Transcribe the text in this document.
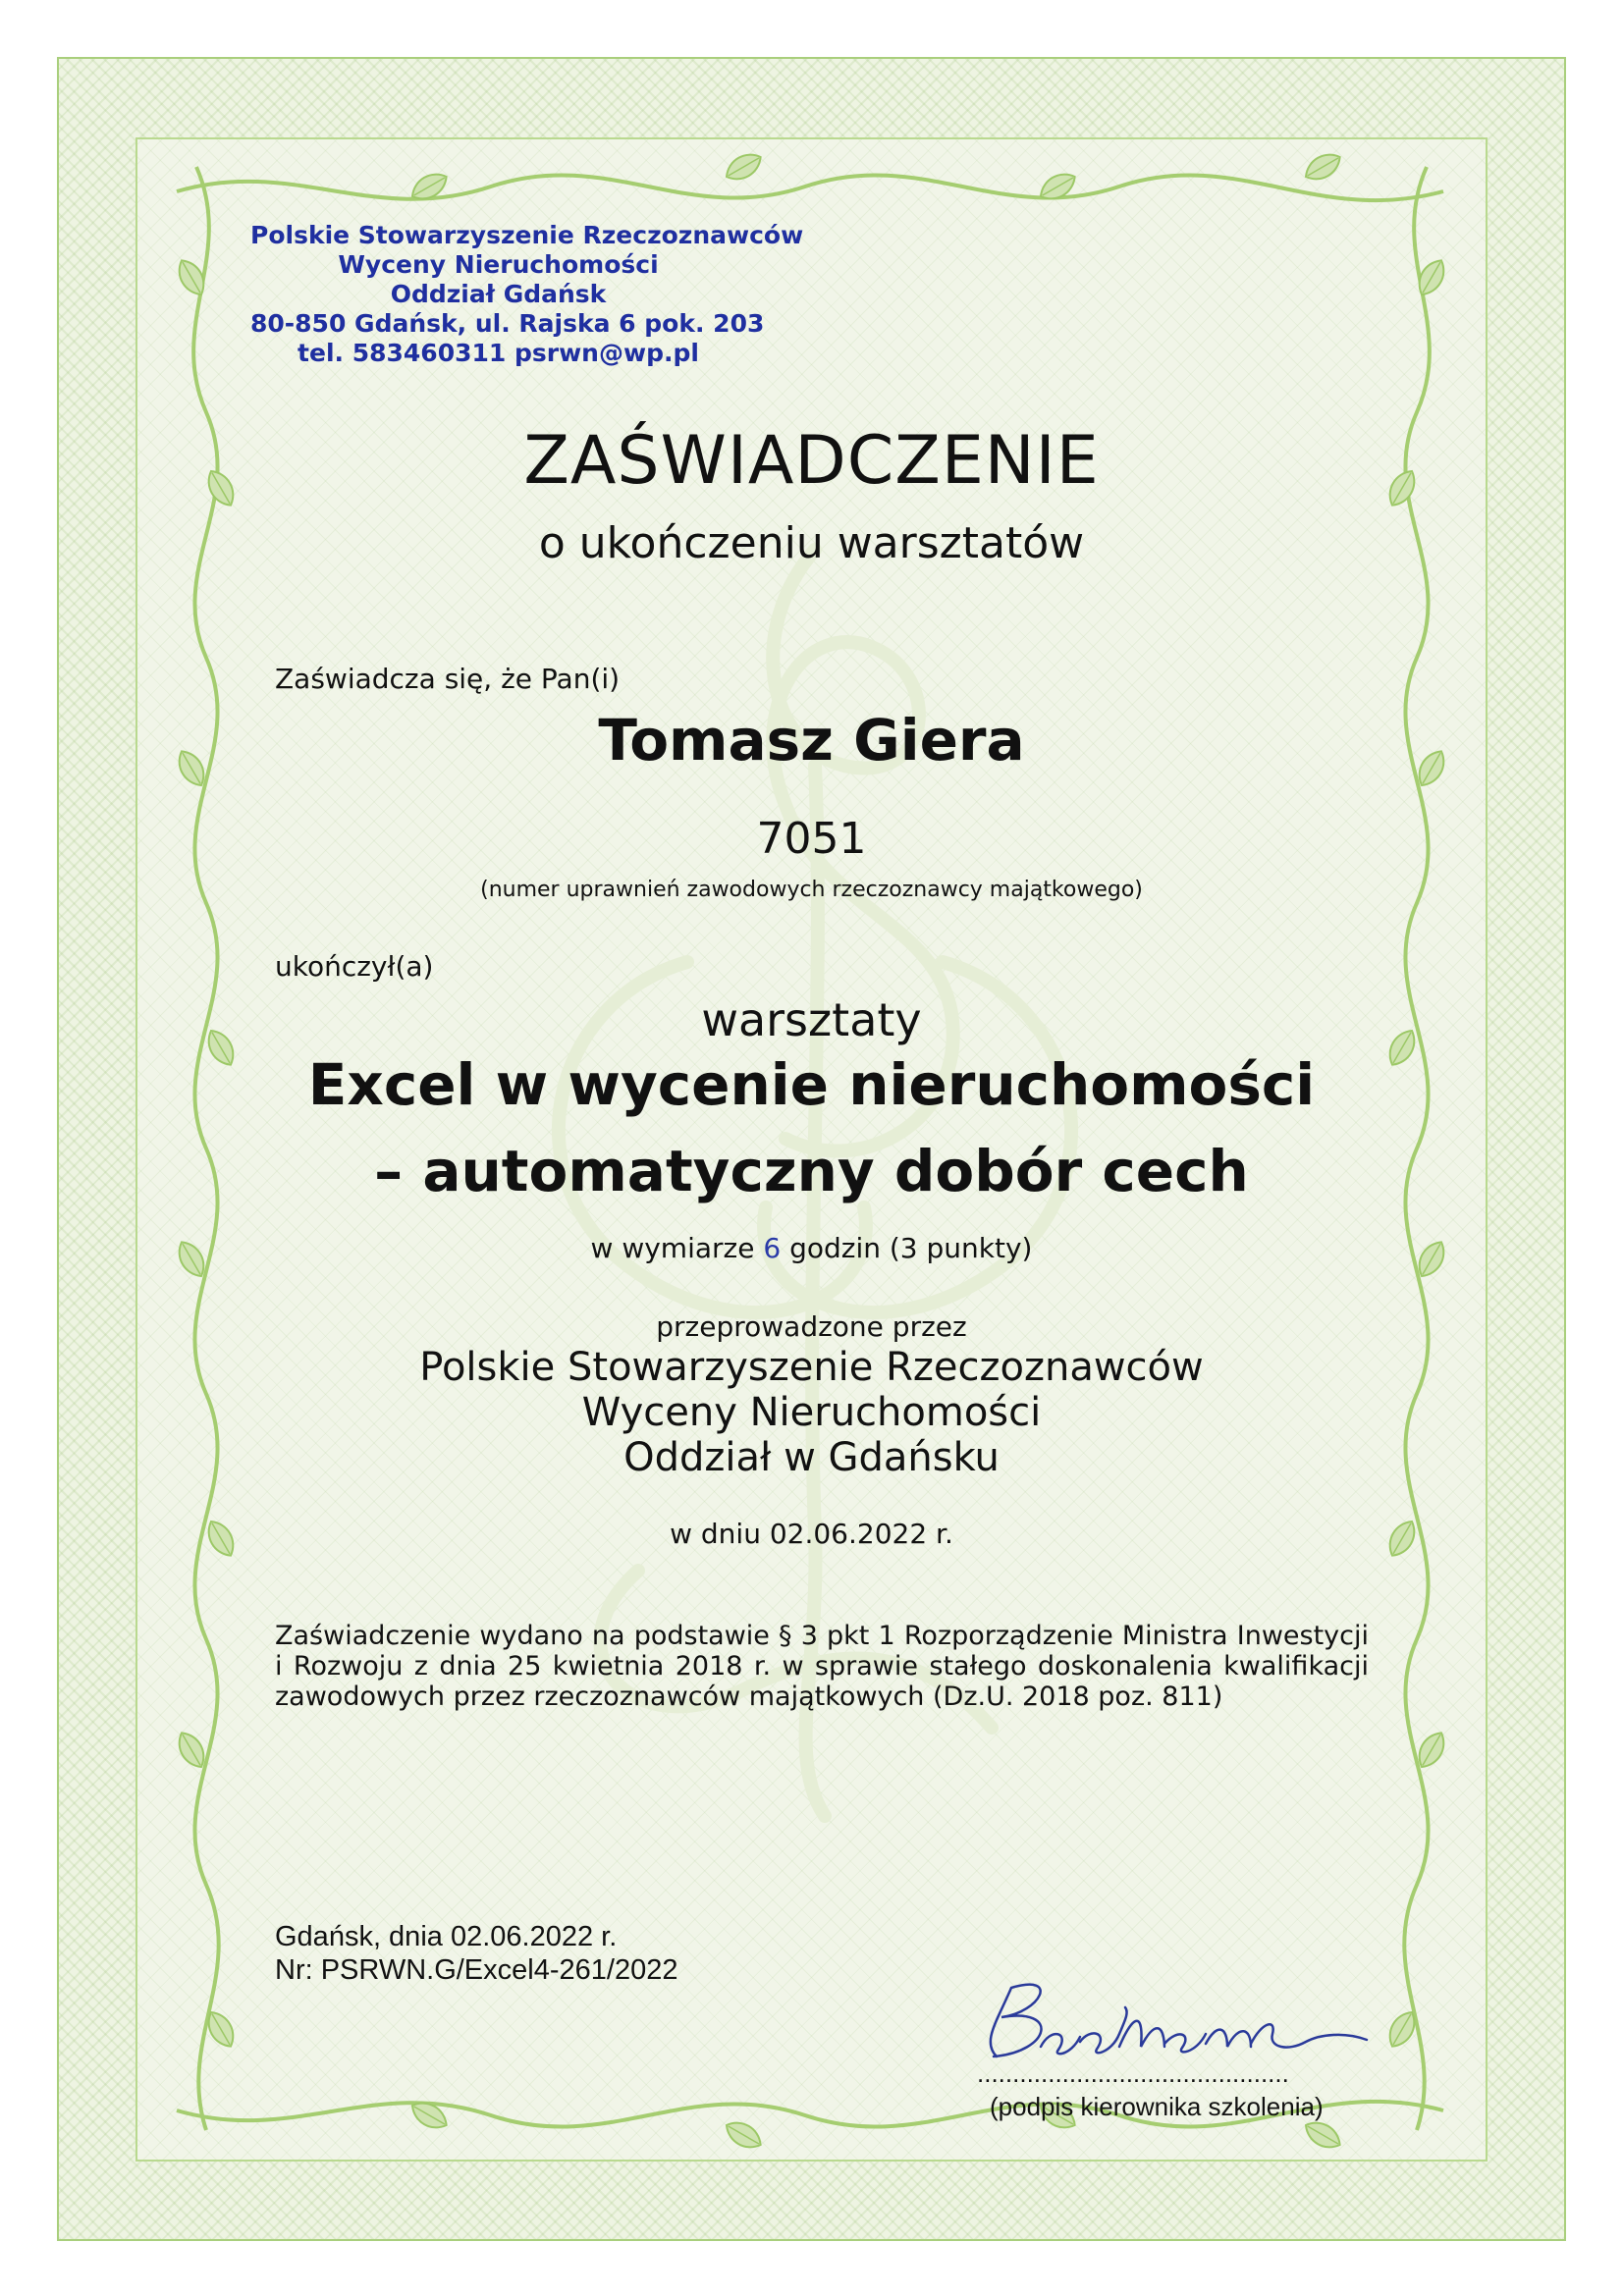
Polskie Stowarzyszenie Rzeczoznawców
Wyceny Nieruchomości
Oddział Gdańsk
80-850 Gdańsk, ul. Rajska 6 pok. 203
tel. 583460311 psrwn@wp.pl
ZAŚWIADCZENIE
o ukończeniu warsztatów
Zaświadcza się, że Pan(i)
Tomasz Giera
7051
(numer uprawnień zawodowych rzeczoznawcy majątkowego)
ukończył(a)
warsztaty
Excel w wycenie nieruchomości
– automatyczny dobór cech
w wymiarze 6 godzin (3 punkty)
przeprowadzone przez
Polskie Stowarzyszenie Rzeczoznawców
Wyceny Nieruchomości
Oddział w Gdańsku
w dniu 02.06.2022 r.
Zaświadczenie wydano na podstawie § 3 pkt 1 Rozporządzenie Ministra Inwestycji i Rozwoju z dnia 25 kwietnia 2018 r. w sprawie stałego doskonalenia kwalifikacji zawodowych przez rzeczoznawców majątkowych (Dz.U. 2018 poz. 811)
Gdańsk, dnia 02.06.2022 r.
Nr: PSRWN.G/Excel4-261/2022
............................................
(podpis kierownika szkolenia)
